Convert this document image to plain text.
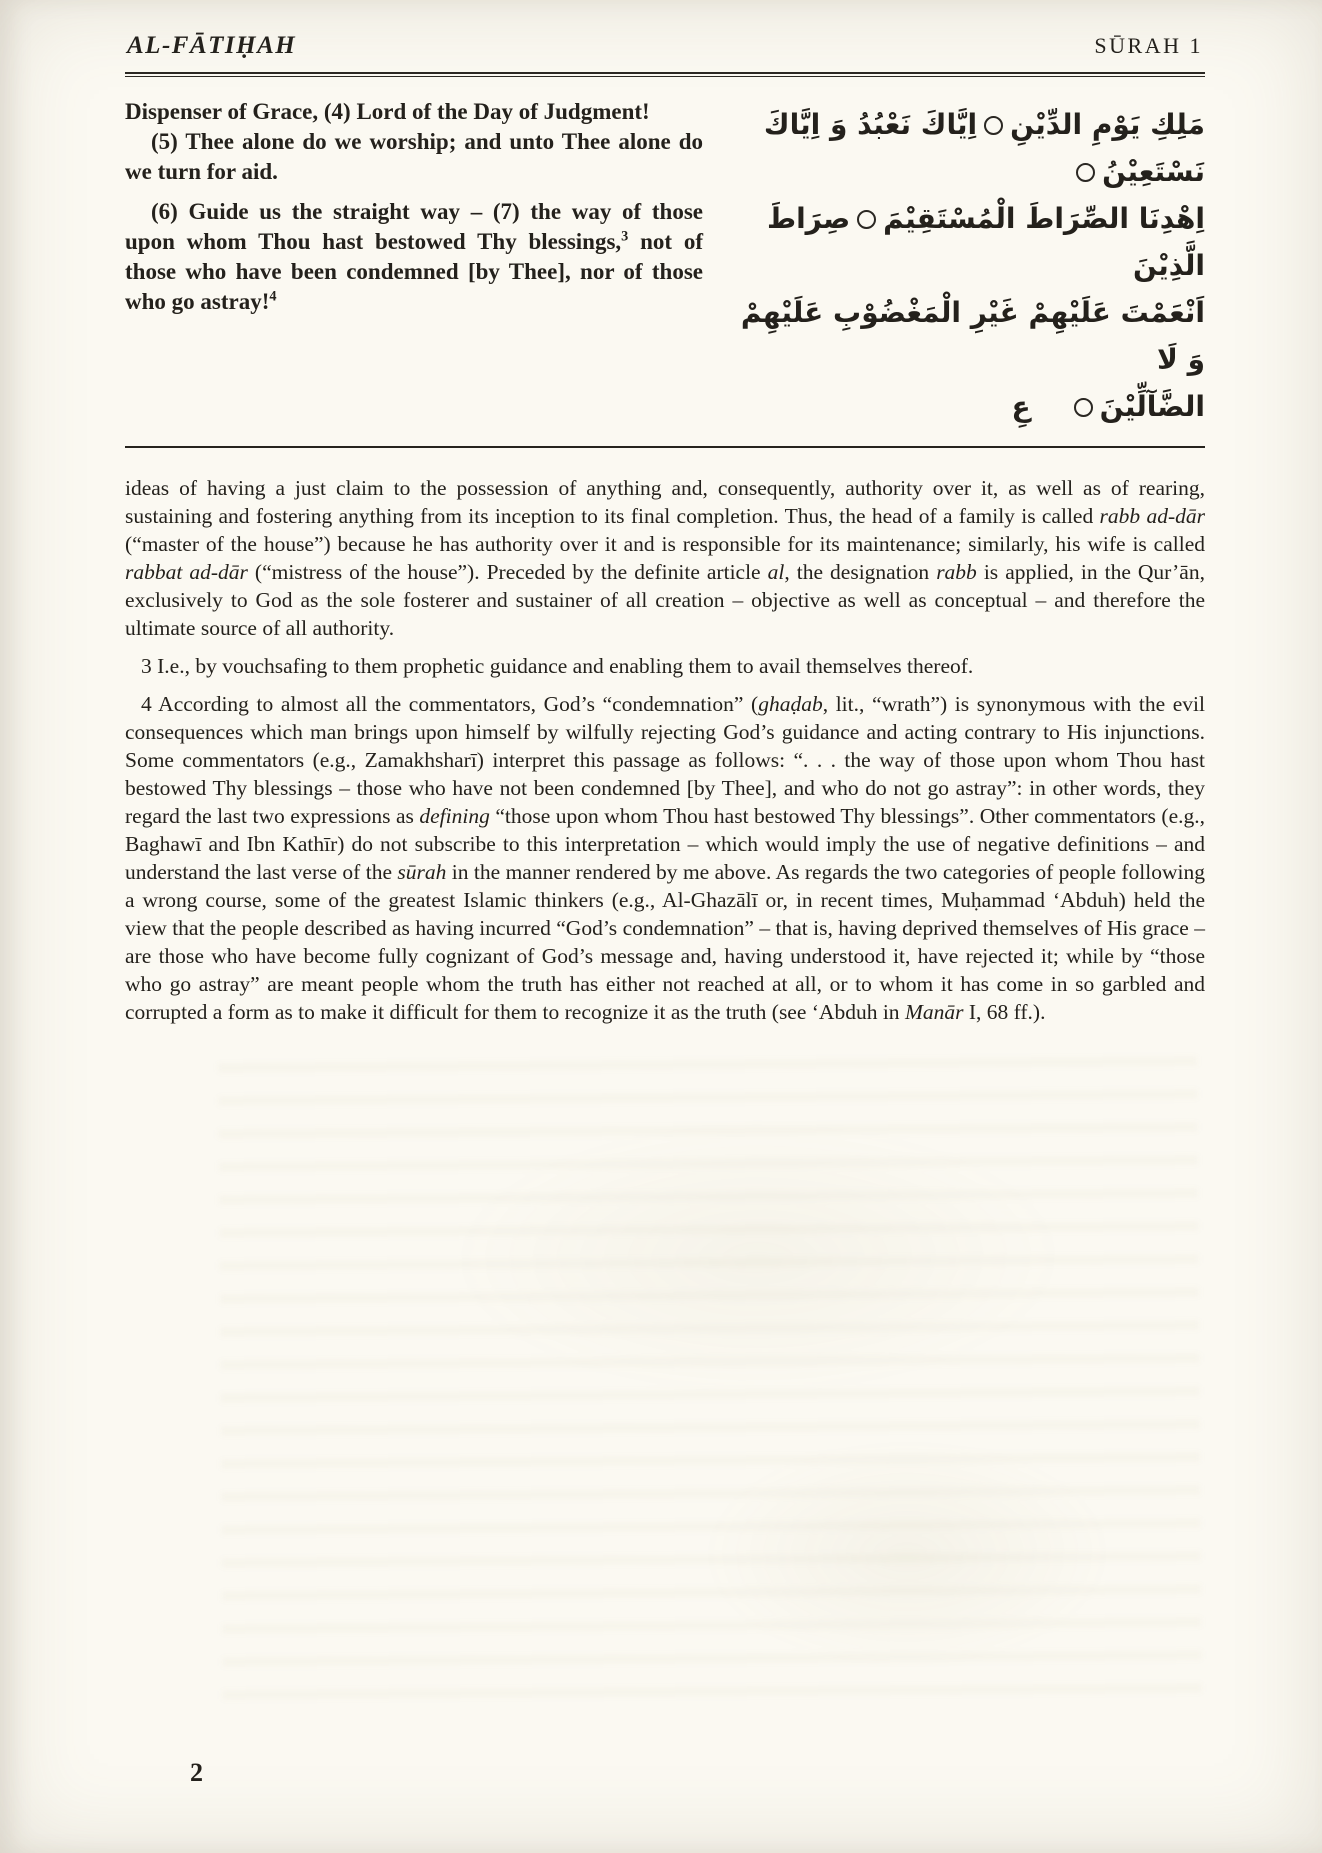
AL-FĀTIḤAH	SŪRAH 1

Dispenser of Grace, (4) Lord of the Day of Judgment!

(5) Thee alone do we worship; and unto Thee alone do we turn for aid.

(6) Guide us the straight way – (7) the way of those upon whom Thou hast bestowed Thy blessings,$^3$ not of those who have been condemned [by Thee], nor of those who go astray!$^4$

مَلِكِ يَوْمِ الدِّيْنِاِيَّاكَ نَعْبُدُ وَ اِيَّاكَ
نَسْتَعِيْنُ
اِهْدِنَا الصِّرَاطَ الْمُسْتَقِيْمَصِرَاطَ الَّذِيْنَ
اَنْعَمْتَ عَلَيْهِمْ غَيْرِ الْمَغْضُوْبِ عَلَيْهِمْ وَ لَا
الضَّآلِّيْنَعِ

ideas of having a just claim to the possession of anything and, consequently, authority over it, as well as of rearing, sustaining and fostering anything from its inception to its final completion. Thus, the head of a family is called rabb ad-dār (“master of the house”) because he has authority over it and is responsible for its maintenance; similarly, his wife is called rabbat ad-dār (“mistress of the house”). Preceded by the definite article al, the designation rabb is applied, in the Qur’ān, exclusively to God as the sole fosterer and sustainer of all creation – objective as well as conceptual – and therefore the ultimate source of all authority.

3 I.e., by vouchsafing to them prophetic guidance and enabling them to avail themselves thereof.

4 According to almost all the commentators, God’s “condemnation” (ghaḍab, lit., “wrath”) is synonymous with the evil consequences which man brings upon himself by wilfully rejecting God’s guidance and acting contrary to His injunctions. Some commentators (e.g., Zamakhsharī) interpret this passage as follows: “. . . the way of those upon whom Thou hast bestowed Thy blessings – those who have not been condemned [by Thee], and who do not go astray”: in other words, they regard the last two expressions as defining “those upon whom Thou hast bestowed Thy blessings”. Other commentators (e.g., Baghawī and Ibn Kathīr) do not subscribe to this interpretation – which would imply the use of negative definitions – and understand the last verse of the sūrah in the manner rendered by me above. As regards the two categories of people following a wrong course, some of the greatest Islamic thinkers (e.g., Al-Ghazālī or, in recent times, Muḥammad ‘Abduh) held the view that the people described as having incurred “God’s condemnation” – that is, having deprived themselves of His grace – are those who have become fully cognizant of God’s message and, having understood it, have rejected it; while by “those who go astray” are meant people whom the truth has either not reached at all, or to whom it has come in so garbled and corrupted a form as to make it difficult for them to recognize it as the truth (see ‘Abduh in Manār I, 68 ff.).

2
